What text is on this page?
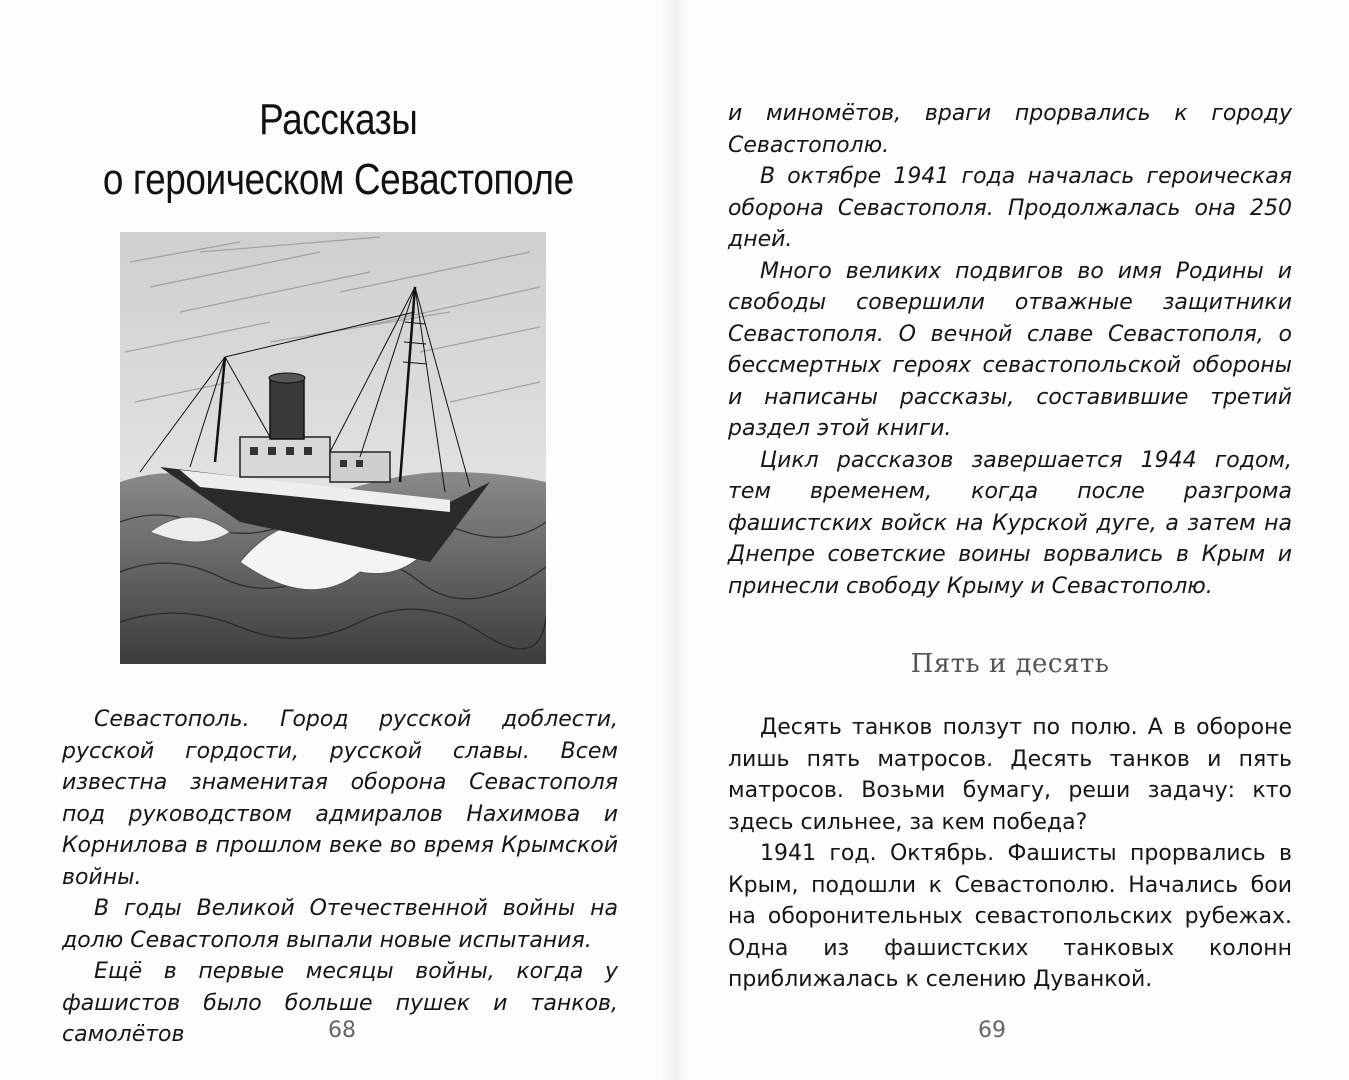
Рассказы
о героическом Севастополе

Севастополь. Город русской доблести, русской гордости, русской славы. Всем известна знаменитая оборона Севастополя под руководством адмиралов Нахимова и Корнилова в прошлом веке во время Крымской войны.

В годы Великой Отечественной войны на долю Севастополя выпали новые испытания.

Ещё в первые месяцы войны, когда у фашистов было больше пушек и танков, самолётов	68

и миномётов, враги прорвались к городу Севастополю.

В октябре 1941 года началась героическая оборона Севастополя. Продолжалась она 250 дней.

Много великих подвигов во имя Родины и свободы совершили отважные защитники Севастополя. О вечной славе Севастополя, о бессмертных героях севастопольской обороны и написаны рассказы, составившие третий раздел этой книги.

Цикл рассказов завершается 1944 годом, тем временем, когда после разгрома фашистских войск на Курской дуге, а затем на Днепре советские воины ворвались в Крым и принесли свободу Крыму и Севастополю.

Пять и десять

Десять танков ползут по полю. А в обороне лишь пять матросов. Десять танков и пять матросов. Возьми бумагу, реши задачу: кто здесь сильнее, за кем победа?

1941 год. Октябрь. Фашисты прорвались в Крым, подошли к Севастополю. Начались бои на оборонительных севастопольских рубежах. Одна из фашистских танковых колонн приближалась к селению Дуванкой.

69
